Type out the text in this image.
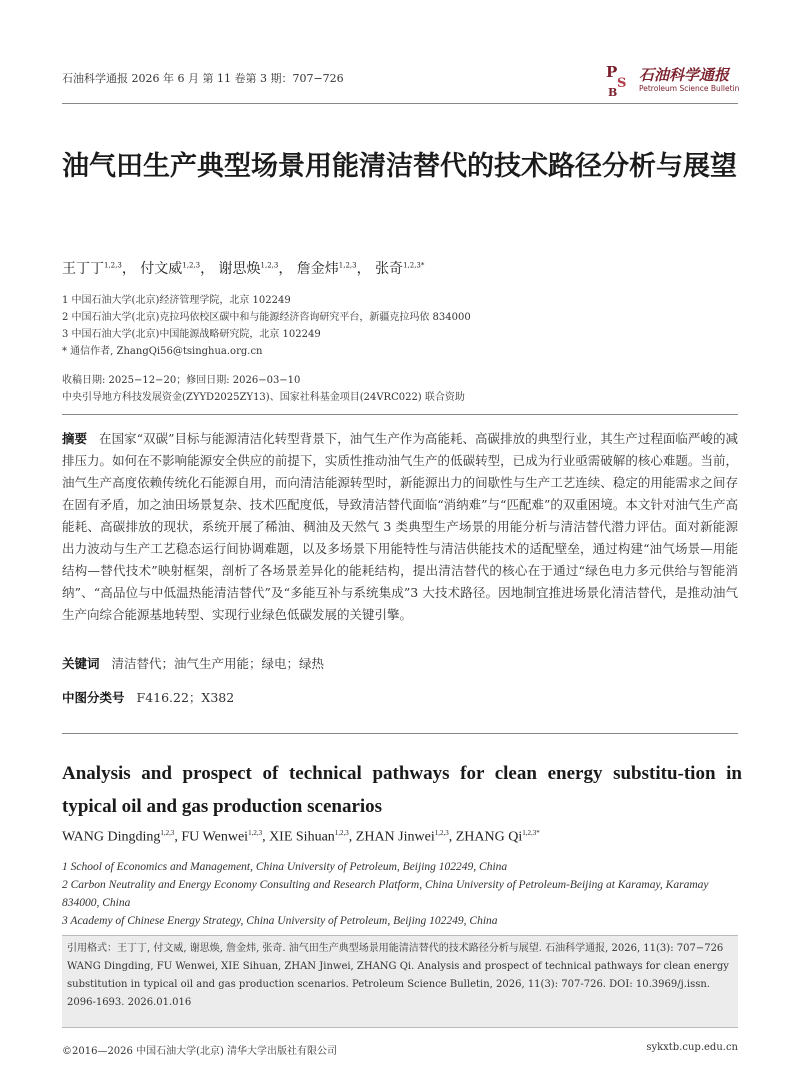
石油科学通报 2026 年 6 月 第 11 卷第 3 期：707−726	P
S
B
石油科学通报
Petroleum Science Bulletin
油气田生产典型场景用能清洁替代的技术路径分析与展望
王丁丁$^{1,2,3}$， 付文威$^{1,2,3}$， 谢思焕$^{1,2,3}$， 詹金炜$^{1,2,3}$， 张奇$^{1,2,3*}$
1 中国石油大学(北京)经济管理学院，北京 102249
2 中国石油大学(北京)克拉玛依校区碳中和与能源经济咨询研究平台，新疆克拉玛依 834000
3 中国石油大学(北京)中国能源战略研究院，北京 102249
* 通信作者, ZhangQi56@tsinghua.org.cn
收稿日期: 2025−12−20；修回日期: 2026−03−10
中央引导地方科技发展资金(ZYYD2025ZY13)、国家社科基金项目(24VRC022) 联合资助
摘要 在国家“双碳”目标与能源清洁化转型背景下，油气生产作为高能耗、高碳排放的典型行业，其生产过程面临严峻的减排压力。如何在不影响能源安全供应的前提下，实质性推动油气生产的低碳转型，已成为行业亟需破解的核心难题。当前，油气生产高度依赖传统化石能源自用，而向清洁能源转型时，新能源出力的间歇性与生产工艺连续、稳定的用能需求之间存在固有矛盾，加之油田场景复杂、技术匹配度低，导致清洁替代面临“消纳难”与“匹配难”的双重困境。本文针对油气生产高能耗、高碳排放的现状，系统开展了稀油、稠油及天然气 3 类典型生产场景的用能分析与清洁替代潜力评估。面对新能源出力波动与生产工艺稳态运行间协调难题，以及多场景下用能特性与清洁供能技术的适配壁垒，通过构建“油气场景—用能结构—替代技术”映射框架，剖析了各场景差异化的能耗结构，提出清洁替代的核心在于通过“绿色电力多元供给与智能消纳”、“高品位与中低温热能清洁替代”及“多能互补与系统集成”3 大技术路径。因地制宜推进场景化清洁替代，是推动油气生产向综合能源基地转型、实现行业绿色低碳发展的关键引擎。
关键词 清洁替代；油气生产用能；绿电；绿热
中图分类号 F416.22；X382
Analysis and prospect of technical pathways for clean energy substitu-tion in typical oil and gas production scenarios
WANG Dingding$^{1,2,3}$, FU Wenwei$^{1,2,3}$, XIE Sihuan$^{1,2,3}$, ZHAN Jinwei$^{1,2,3}$, ZHANG $Qi^{1,2,3*}$
1 School of Economics and Management, China University of Petroleum, Beijing 102249, China
2 Carbon Neutrality and Energy Economy Consulting and Research Platform, China University of Petroleum-Beijing at Karamay, Karamay 834000, China
3 Academy of Chinese Energy Strategy, China University of Petroleum, Beijing 102249, China
引用格式：王丁丁, 付文威, 谢思焕, 詹金炜, 张奇. 油气田生产典型场景用能清洁替代的技术路径分析与展望. 石油科学通报, 2026, 11(3): 707−726
WANG Dingding, FU Wenwei, XIE Sihuan, ZHAN Jinwei, ZHANG Qi. Analysis and prospect of technical pathways for clean energy substitution in typical oil and gas production scenarios. Petroleum Science Bulletin, 2026, 11(3): 707-726. DOI: 10.3969/j.issn. 2096-1693. 2026.01.016
©2016—2026 中国石油大学(北京) 清华大学出版社有限公司	sykxtb.cup.edu.cn
